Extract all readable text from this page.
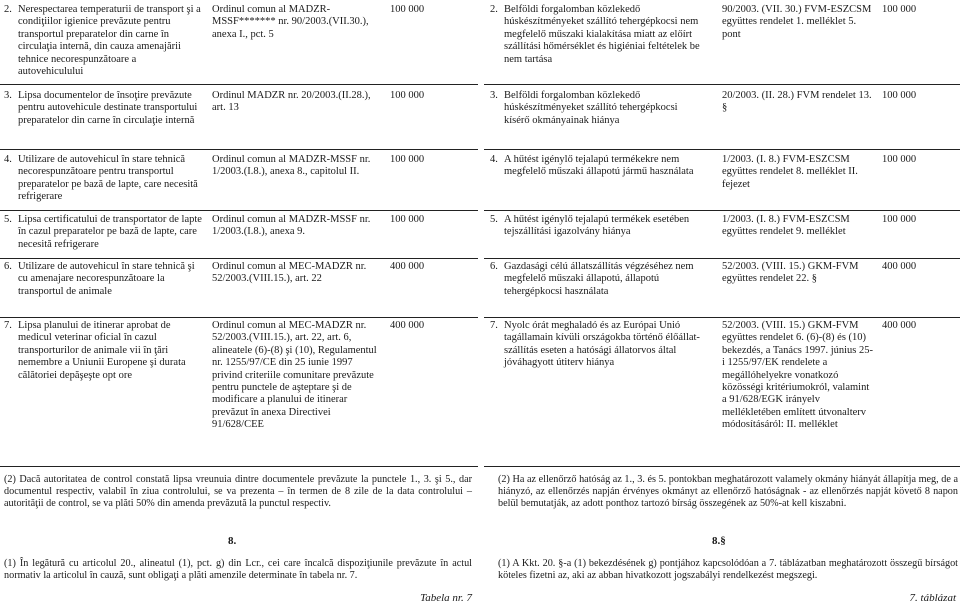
2. Nerespectarea temperaturii de transport şi a condiţiilor igienice prevăzute pentru transportul preparatelor din carne în circulaţia internă, din cauza amenajării tehnice necorespunzătoare a autovehiculului
Ordinul comun al MADZR-MSSF******* nr. 90/2003.(VII.30.), anexa I., pct. 5
100 000
3. Lipsa documentelor de însoţire prevăzute pentru autovehicule destinate transportului preparatelor din carne în circulaţie internă
Ordinul MADZR nr. 20/2003.(II.28.), art. 13
100 000
4. Utilizare de autovehicul în stare tehnică necorespunzătoare pentru transportul preparatelor pe bază de lapte, care necesită refrigerare
Ordinul comun al MADZR-MSSF nr. 1/2003.(I.8.), anexa 8., capitolul II.
100 000
5. Lipsa certificatului de transportator de lapte în cazul preparatelor pe bază de lapte, care necesită refrigerare
Ordinul comun al MADZR-MSSF nr. 1/2003.(I.8.), anexa 9.
100 000
6. Utilizare de autovehicul în stare tehnică şi cu amenajare necorespunzătoare la transportul de animale
Ordinul comun al MEC-MADZR nr. 52/2003.(VIII.15.), art. 22
400 000
7. Lipsa planului de itinerar aprobat de medicul veterinar oficial în cazul transporturilor de animale vii în ţări nemembre a Uniunii Europene şi durata călătoriei depăşeşte opt ore
Ordinul comun al MEC-MADZR nr. 52/2003.(VIII.15.), art. 22, art. 6, alineatele (6)-(8) şi (10), Regulamentul nr. 1255/97/CE din 25 iunie 1997 privind criteriile comunitare prevăzute pentru punctele de aşteptare şi de modificare a planului de itinerar prevăzut în anexa Directivei 91/628/CEE
400 000
(2) Dacă autoritatea de control constată lipsa vreunuia dintre documentele prevăzute la punctele 1., 3. şi 5., dar documentul respectiv, valabil în ziua controlului, se va prezenta – în termen de 8 zile de la data controlului – autorităţii de control, se va plăti 50% din amenda prevăzută la punctul respectiv.
8.
(1) În legătură cu articolul 20., alineatul (1), pct. g) din Lcr., cei care încalcă dispoziţiunile prevăzute în actul normativ la articolul în cauză, sunt obligaţi a plăti amenzile determinate în tabela nr. 7.
Tabela nr. 7
2. Belföldi forgalomban közlekedő húskészítményeket szállító tehergépkocsi nem megfelelő műszaki kialakítása miatt az előírt szállítási hőmérséklet és higiéniai feltételek be nem tartása
90/2003. (VII. 30.) FVM-ESZCSM együttes rendelet 1. melléklet 5. pont
100 000
3. Belföldi forgalomban közlekedő húskészítményeket szállító tehergépkocsi kísérő okmányainak hiánya
20/2003. (II. 28.) FVM rendelet 13. §
100 000
4. A hűtést igénylő tejalapú termékekre nem megfelelő műszaki állapotú jármű használata
1/2003. (I. 8.) FVM-ESZCSM együttes rendelet 8. melléklet II. fejezet
100 000
5. A hűtést igénylő tejalapú termékek esetében tejszállítási igazolvány hiánya
1/2003. (I. 8.) FVM-ESZCSM együttes rendelet 9. melléklet
100 000
6. Gazdasági célú állatszállítás végzéséhez nem megfelelő műszaki állapotú, állapotú tehergépkocsi használata
52/2003. (VIII. 15.) GKM-FVM együttes rendelet 22. §
400 000
7. Nyolc órát meghaladó és az Európai Unió tagállamain kívüli országokba történő élőállat-szállítás eseten a hatósági állatorvos által jóváhagyott útiterv hiánya
52/2003. (VIII. 15.) GKM-FVM együttes rendelet 6. (6)-(8) és (10) bekezdés, a Tanács 1997. június 25-i 1255/97/EK rendelete a megállóhelyekre vonatkozó közösségi kritériumokról, valamint a 91/628/EGK irányelv mellékletében említett útvonalterv módosításáról: II. melléklet
400 000
(2) Ha az ellenőrző hatóság az 1., 3. és 5. pontokban meghatározott valamely okmány hiányát állapítja meg, de a hiányzó, az ellenőrzés napján érvényes okmányt az ellenőrző hatóságnak - az ellenőrzés napját követő 8 napon belül bemutatják, az adott ponthoz tartozó bírság összegének az 50%-at kell kiszabni.
8.§
(1) A Kkt. 20. §-a (1) bekezdésének g) pontjához kapcsolódóan a 7. táblázatban meghatározott összegű bírságot köteles fizetni az, aki az abban hivatkozott jogszabályi rendelkezést megszegi.
7. táblázat
